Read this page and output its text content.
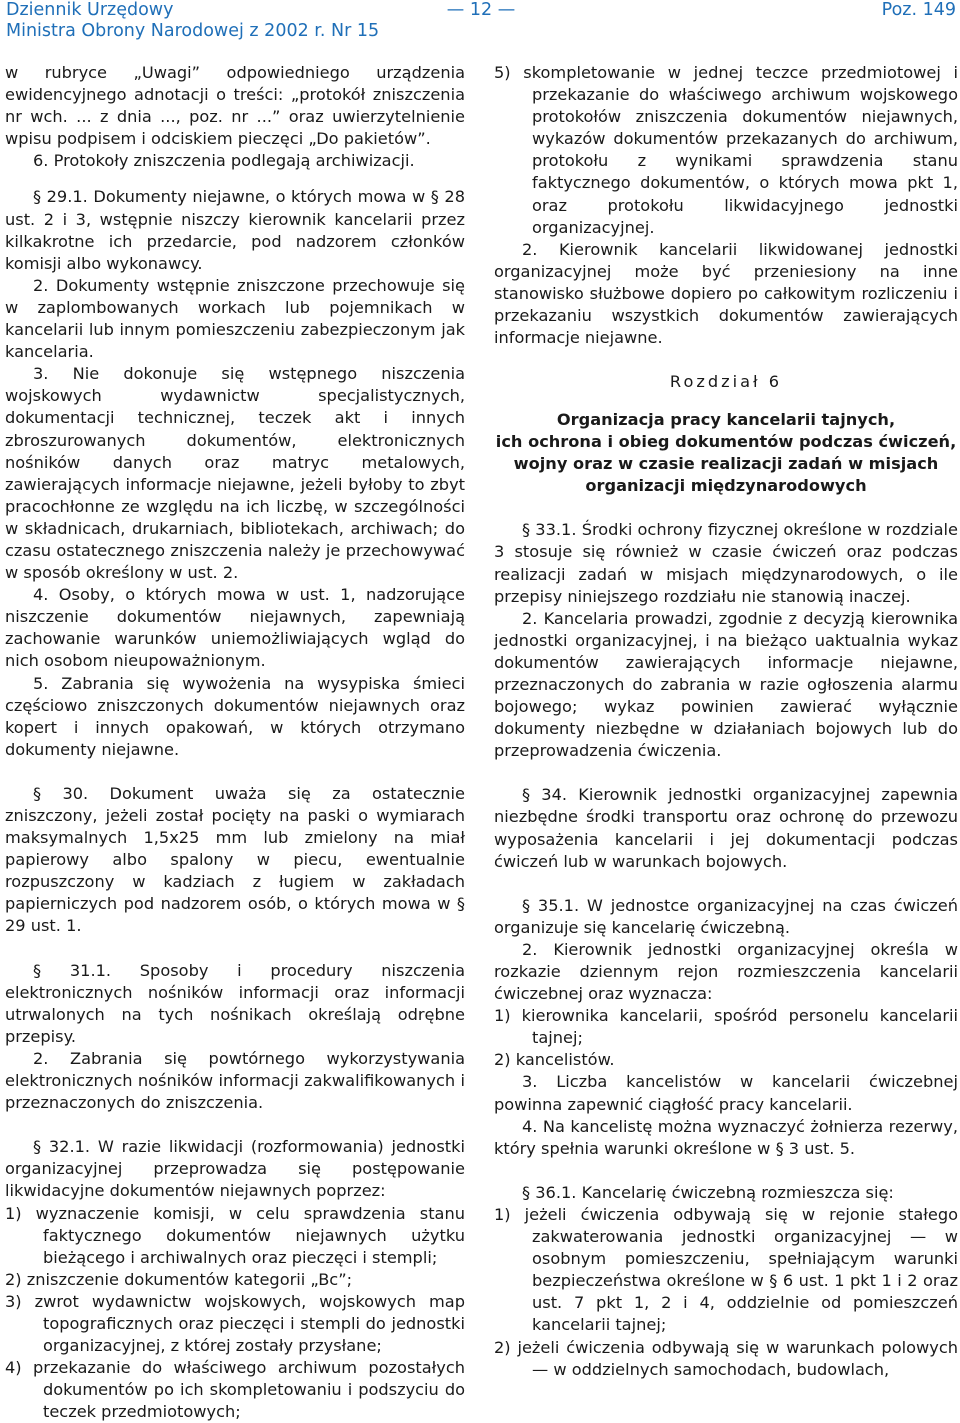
Dziennik Urzędowy
Ministra Obrony Narodowej z 2002 r. Nr 15
— 12 —	Poz. 149

w rubryce „Uwagi” odpowiedniego urządzenia ewidencyjnego adnotacji o treści: „protokół zniszczenia nr wch. ... z dnia ..., poz. nr ...” oraz uwierzytelnienie wpisu podpisem i odciskiem pieczęci „Do pakietów”.

6. Protokoły zniszczenia podlegają archiwizacji.

§ 29.1. Dokumenty niejawne, o których mowa w § 28 ust. 2 i 3, wstępnie niszczy kierownik kancelarii przez kilkakrotne ich przedarcie, pod nadzorem członków komisji albo wykonawcy.

2. Dokumenty wstępnie zniszczone przechowuje się w zaplombowanych workach lub pojemnikach w kancelarii lub innym pomieszczeniu zabezpieczonym jak kancelaria.

3. Nie dokonuje się wstępnego niszczenia wojskowych wydawnictw specjalistycznych, dokumentacji technicznej, teczek akt i innych zbroszurowanych dokumentów, elektronicznych nośników danych oraz matryc metalowych, zawierających informacje niejawne, jeżeli byłoby to zbyt pracochłonne ze względu na ich liczbę, w szczególności w składnicach, drukarniach, bibliotekach, archiwach; do czasu ostatecznego zniszczenia należy je przechowywać w sposób określony w ust. 2.

4. Osoby, o których mowa w ust. 1, nadzorujące niszczenie dokumentów niejawnych, zapewniają zachowanie warunków uniemożliwiających wgląd do nich osobom nieupoważnionym.

5. Zabrania się wywożenia na wysypiska śmieci częściowo zniszczonych dokumentów niejawnych oraz kopert i innych opakowań, w których otrzymano dokumenty niejawne.

§ 30. Dokument uważa się za ostatecznie zniszczony, jeżeli został pocięty na paski o wymiarach maksymalnych 1,5x25 mm lub zmielony na miał papierowy albo spalony w piecu, ewentualnie rozpuszczony w kadziach z ługiem w zakładach papierniczych pod nadzorem osób, o których mowa w § 29 ust. 1.

§ 31.1. Sposoby i procedury niszczenia elektronicznych nośników informacji oraz informacji utrwalonych na tych nośnikach określają odrębne przepisy.

2. Zabrania się powtórnego wykorzystywania elektronicznych nośników informacji zakwalifikowanych i przeznaczonych do zniszczenia.

§ 32.1. W razie likwidacji (rozformowania) jednostki organizacyjnej przeprowadza się postępowanie likwidacyjne dokumentów niejawnych poprzez:

1) wyznaczenie komisji, w celu sprawdzenia stanu faktycznego dokumentów niejawnych użytku bieżącego i archiwalnych oraz pieczęci i stempli;

2) zniszczenie dokumentów kategorii „Bc”;

3) zwrot wydawnictw wojskowych, wojskowych map topograficznych oraz pieczęci i stempli do jednostki organizacyjnej, z której zostały przysłane;

4) przekazanie do właściwego archiwum pozostałych dokumentów po ich skompletowaniu i podszyciu do teczek przedmiotowych;

5) skompletowanie w jednej teczce przedmiotowej i przekazanie do właściwego archiwum wojskowego protokołów zniszczenia dokumentów niejawnych, wykazów dokumentów przekazanych do archiwum, protokołu z wynikami sprawdzenia stanu faktycznego dokumentów, o których mowa pkt 1, oraz protokołu likwidacyjnego jednostki organizacyjnej.

2. Kierownik kancelarii likwidowanej jednostki organizacyjnej może być przeniesiony na inne stanowisko służbowe dopiero po całkowitym rozliczeniu i przekazaniu wszystkich dokumentów zawierających informacje niejawne.

Rozdział 6

Organizacja pracy kancelarii tajnych,
ich ochrona i obieg dokumentów podczas ćwiczeń,
wojny oraz w czasie realizacji zadań w misjach
organizacji międzynarodowych

§ 33.1. Środki ochrony fizycznej określone w rozdziale 3 stosuje się również w czasie ćwiczeń oraz podczas realizacji zadań w misjach międzynarodowych, o ile przepisy niniejszego rozdziału nie stanowią inaczej.

2. Kancelaria prowadzi, zgodnie z decyzją kierownika jednostki organizacyjnej, i na bieżąco uaktualnia wykaz dokumentów zawierających informacje niejawne, przeznaczonych do zabrania w razie ogłoszenia alarmu bojowego; wykaz powinien zawierać wyłącznie dokumenty niezbędne w działaniach bojowych lub do przeprowadzenia ćwiczenia.

§ 34. Kierownik jednostki organizacyjnej zapewnia niezbędne środki transportu oraz ochronę do przewozu wyposażenia kancelarii i jej dokumentacji podczas ćwiczeń lub w warunkach bojowych.

§ 35.1. W jednostce organizacyjnej na czas ćwiczeń organizuje się kancelarię ćwiczebną.

2. Kierownik jednostki organizacyjnej określa w rozkazie dziennym rejon rozmieszczenia kancelarii ćwiczebnej oraz wyznacza:

1) kierownika kancelarii, spośród personelu kancelarii tajnej;

2) kancelistów.

3. Liczba kancelistów w kancelarii ćwiczebnej powinna zapewnić ciągłość pracy kancelarii.

4. Na kancelistę można wyznaczyć żołnierza rezerwy, który spełnia warunki określone w § 3 ust. 5.

§ 36.1. Kancelarię ćwiczebną rozmieszcza się:

1) jeżeli ćwiczenia odbywają się w rejonie stałego zakwaterowania jednostki organizacyjnej — w osobnym pomieszczeniu, spełniającym warunki bezpieczeństwa określone w § 6 ust. 1 pkt 1 i 2 oraz ust. 7 pkt 1, 2 i 4, oddzielnie od pomieszczeń kancelarii tajnej;

2) jeżeli ćwiczenia odbywają się w warunkach polowych — w oddzielnych samochodach, budowlach,
